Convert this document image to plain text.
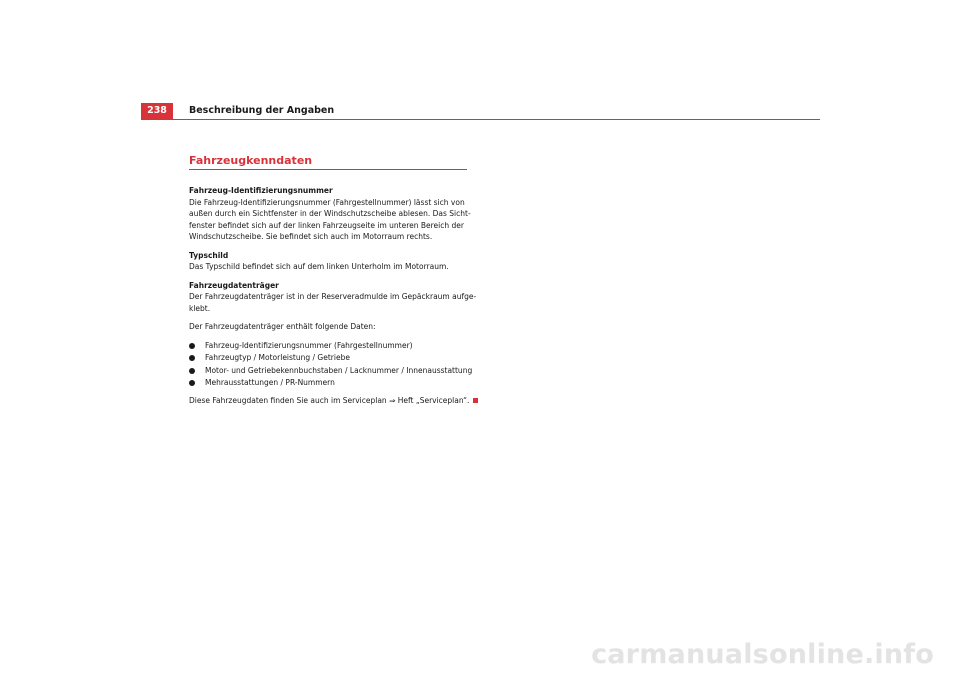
238	Beschreibung der Angaben
Fahrzeugkenndaten

Fahrzeug-Identifizierungsnummer

Die Fahrzeug-Identifizierungsnummer (Fahrgestellnummer) lässt sich von
außen durch ein Sichtfenster in der Windschutzscheibe ablesen. Das Sicht-
fenster befindet sich auf der linken Fahrzeugseite im unteren Bereich der
Windschutzscheibe. Sie befindet sich auch im Motorraum rechts.

Typschild

Das Typschild befindet sich auf dem linken Unterholm im Motorraum.

Fahrzeugdatenträger

Der Fahrzeugdatenträger ist in der Reserveradmulde im Gepäckraum aufge-
klebt.

Der Fahrzeugdatenträger enthält folgende Daten:

Fahrzeug-Identifizierungsnummer (Fahrgestellnummer)
Fahrzeugtyp / Motorleistung / Getriebe
Motor- und Getriebekennbuchstaben / Lacknummer / Innenausstattung
Mehrausstattungen / PR-Nummern

Diese Fahrzeugdaten finden Sie auch im Serviceplan ⇒ Heft „Serviceplan“.

carmanualsonline.info
